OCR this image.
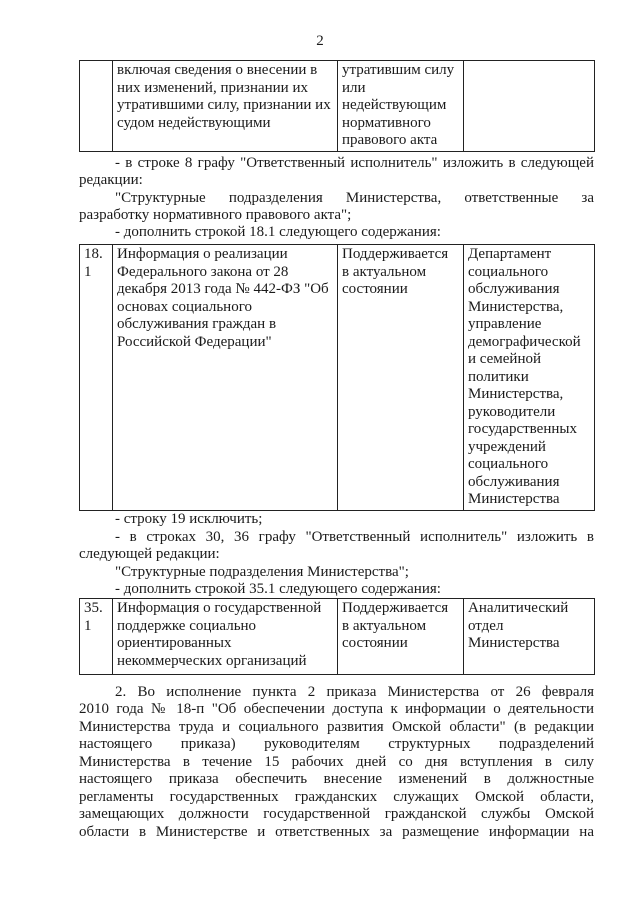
2
	включая сведения о внесении в них изменений, признании их утратившими силу, признании их судом недействующими	утратившим силу или недействующим нормативного правового акта	
- в строке 8 графу "Ответственный исполнитель" изложить в следующей
редакции:
"Структурные подразделения Министерства, ответственные за
разработку нормативного правового акта";
- дополнить строкой 18.1 следующего содержания:
18.1	Информация о реализации Федерального закона от 28 декабря 2013 года № 442-ФЗ "Об основах социального обслуживания граждан в Российской Федерации"	Поддерживается в актуальном состоянии	Департамент социального обслуживания Министерства, управление демографической и семейной политики Министерства, руководители государственных учреждений социального обслуживания Министерства
- строку 19 исключить;
- в строках 30, 36 графу "Ответственный исполнитель" изложить в
следующей редакции:
"Структурные подразделения Министерства";
- дополнить строкой 35.1 следующего содержания:
35.1	Информация о государственной поддержке социально ориентированных некоммерческих организаций	Поддерживается в актуальном состоянии	Аналитический отдел Министерства
2. Во исполнение пункта 2 приказа Министерства от 26 февраля
2010 года № 18-п "Об обеспечении доступа к информации о деятельности
Министерства труда и социального развития Омской области" (в редакции
настоящего приказа) руководителям структурных подразделений
Министерства в течение 15 рабочих дней со дня вступления в силу
настоящего приказа обеспечить внесение изменений в должностные
регламенты государственных гражданских служащих Омской области,
замещающих должности государственной гражданской службы Омской
области в Министерстве и ответственных за размещение информации на
